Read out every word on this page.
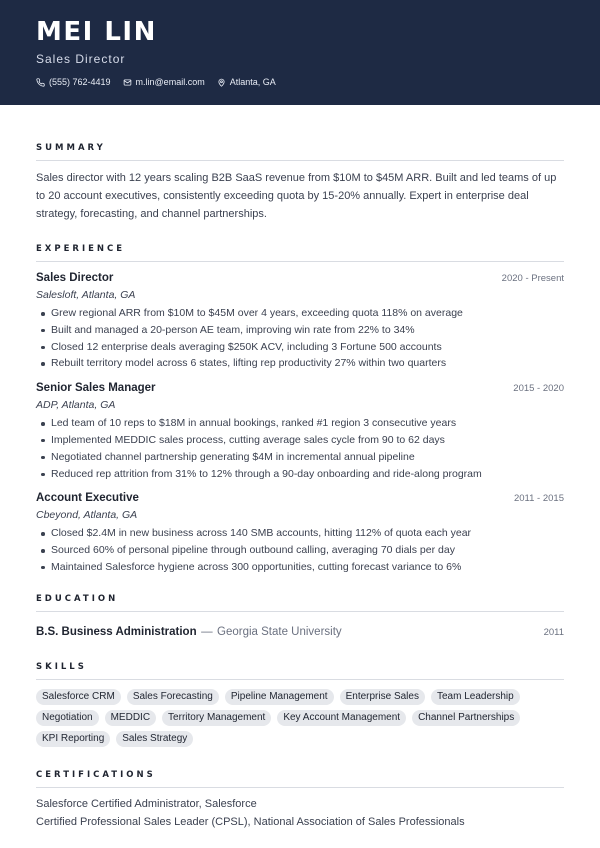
MEI LIN
Sales Director
(555) 762-4419	m.lin@email.com	Atlanta, GA
SUMMARY

Sales director with 12 years scaling B2B SaaS revenue from $10M to $45M ARR. Built and led teams of up to 20 account executives, consistently exceeding quota by 15-20% annually. Expert in enterprise deal strategy, forecasting, and channel partnerships.

EXPERIENCE
Sales Director	2020 - Present
Salesloft, Atlanta, GA
Grew regional ARR from $10M to $45M over 4 years, exceeding quota 118% on average
Built and managed a 20-person AE team, improving win rate from 22% to 34%
Closed 12 enterprise deals averaging $250K ACV, including 3 Fortune 500 accounts
Rebuilt territory model across 6 states, lifting rep productivity 27% within two quarters
Senior Sales Manager	2015 - 2020
ADP, Atlanta, GA
Led team of 10 reps to $18M in annual bookings, ranked #1 region 3 consecutive years
Implemented MEDDIC sales process, cutting average sales cycle from 90 to 62 days
Negotiated channel partnership generating $4M in incremental annual pipeline
Reduced rep attrition from 31% to 12% through a 90-day onboarding and ride-along program
Account Executive	2011 - 2015
Cbeyond, Atlanta, GA
Closed $2.4M in new business across 140 SMB accounts, hitting 112% of quota each year
Sourced 60% of personal pipeline through outbound calling, averaging 70 dials per day
Maintained Salesforce hygiene across 300 opportunities, cutting forecast variance to 6%
EDUCATION
B.S. Business Administration — Georgia State University	2011
SKILLS
Salesforce CRM	Sales Forecasting	Pipeline Management	Enterprise Sales	Team Leadership
Negotiation	MEDDIC	Territory Management	Key Account Management	Channel Partnerships
KPI Reporting	Sales Strategy
CERTIFICATIONS
Salesforce Certified Administrator, Salesforce
Certified Professional Sales Leader (CPSL), National Association of Sales Professionals
